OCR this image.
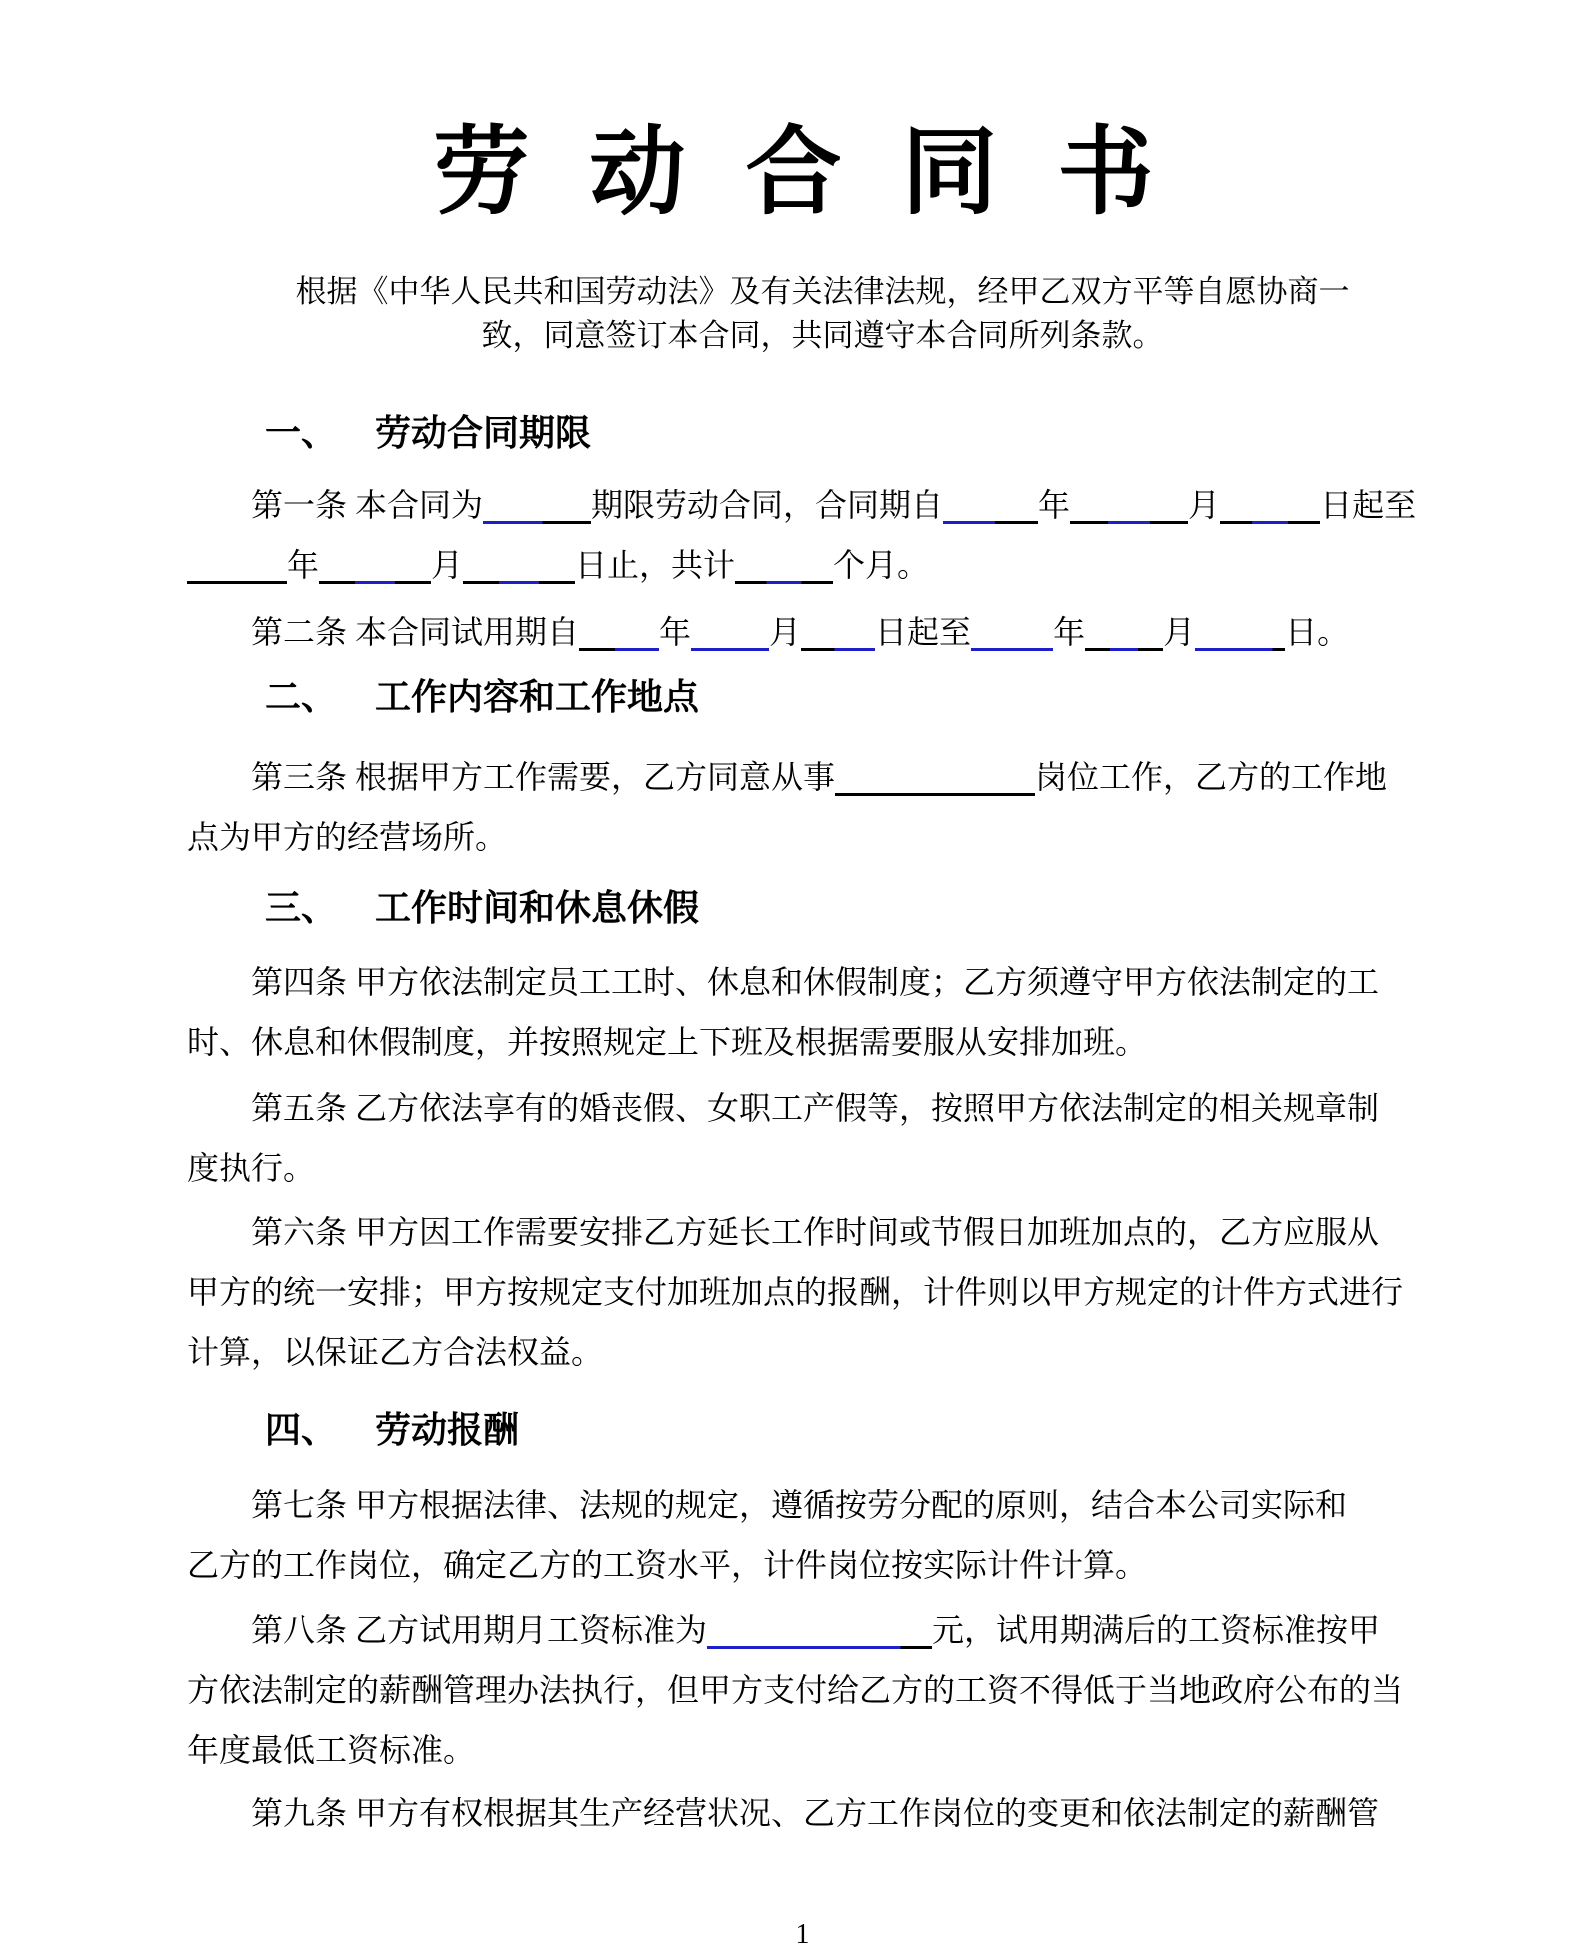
劳 动 合 同 书
根据《中华人民共和国劳动法》及有关法律法规，经甲乙双方平等自愿协商一
致，同意签订本合同，共同遵守本合同所列条款。
一、 劳动合同期限
第一条 本合同为	期限劳动合同，合同期自	年	月	日起至
年	月	日止，共计	个月。
第二条 本合同试用期自	年 月 日起至	年 月	日。
二、 工作内容和工作地点
第三条 根据甲方工作需要，乙方同意从事	岗位工作，乙方的工作地
点为甲方的经营场所。
三、 工作时间和休息休假
第四条 甲方依法制定员工工时、休息和休假制度；乙方须遵守甲方依法制定的工
时、休息和休假制度，并按照规定上下班及根据需要服从安排加班。
第五条 乙方依法享有的婚丧假、女职工产假等，按照甲方依法制定的相关规章制
度执行。
第六条 甲方因工作需要安排乙方延长工作时间或节假日加班加点的，乙方应服从
甲方的统一安排；甲方按规定支付加班加点的报酬，计件则以甲方规定的计件方式进行
计算，以保证乙方合法权益。
四、 劳动报酬
第七条 甲方根据法律、法规的规定，遵循按劳分配的原则，结合本公司实际和
乙方的工作岗位，确定乙方的工资水平，计件岗位按实际计件计算。
第八条 乙方试用期月工资标准为	元，试用期满后的工资标准按甲
方依法制定的薪酬管理办法执行，但甲方支付给乙方的工资不得低于当地政府公布的当
年度最低工资标准。
第九条 甲方有权根据其生产经营状况、乙方工作岗位的变更和依法制定的薪酬管
1
